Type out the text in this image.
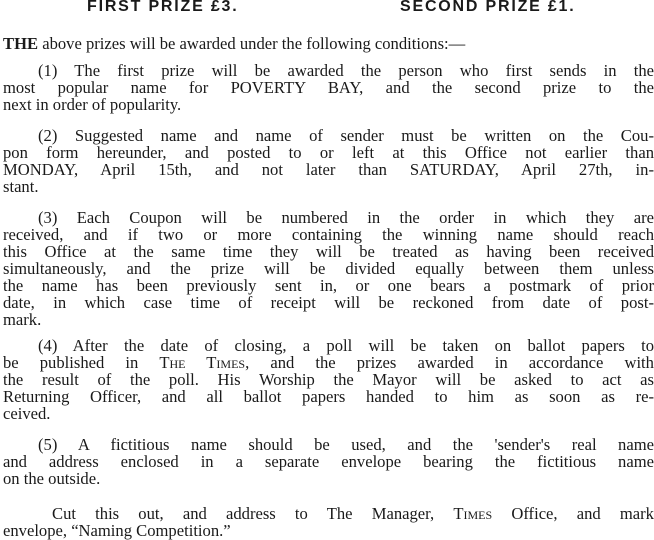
FIRST PRIZE £3.	SECOND PRIZE £1.
THE above prizes will be awarded under the following conditions:—
(1) The first prize will be awarded the person who first sends in the
most popular name for POVERTY BAY, and the second prize to the
next in order of popularity.
(2) Suggested name and name of sender must be written on the Cou-
pon form hereunder, and posted to or left at this Office not earlier than
MONDAY, April 15th, and not later than SATURDAY, April 27th, in-
stant.
(3) Each Coupon will be numbered in the order in which they are
received, and if two or more containing the winning name should reach
this Office at the same time they will be treated as having been received
simultaneously, and the prize will be divided equally between them unless
the name has been previously sent in, or one bears a postmark of prior
date, in which case time of receipt will be reckoned from date of post-
mark.
(4) After the date of closing, a poll will be taken on ballot papers to
be published in The Times, and the prizes awarded in accordance with
the result of the poll. His Worship the Mayor will be asked to act as
Returning Officer, and all ballot papers handed to him as soon as re-
ceived.
(5) A fictitious name should be used, and the 'sender's real name
and address enclosed in a separate envelope bearing the fictitious name
on the outside.
Cut this out, and address to The Manager, Times Office, and mark
envelope, “Naming Competition.”
